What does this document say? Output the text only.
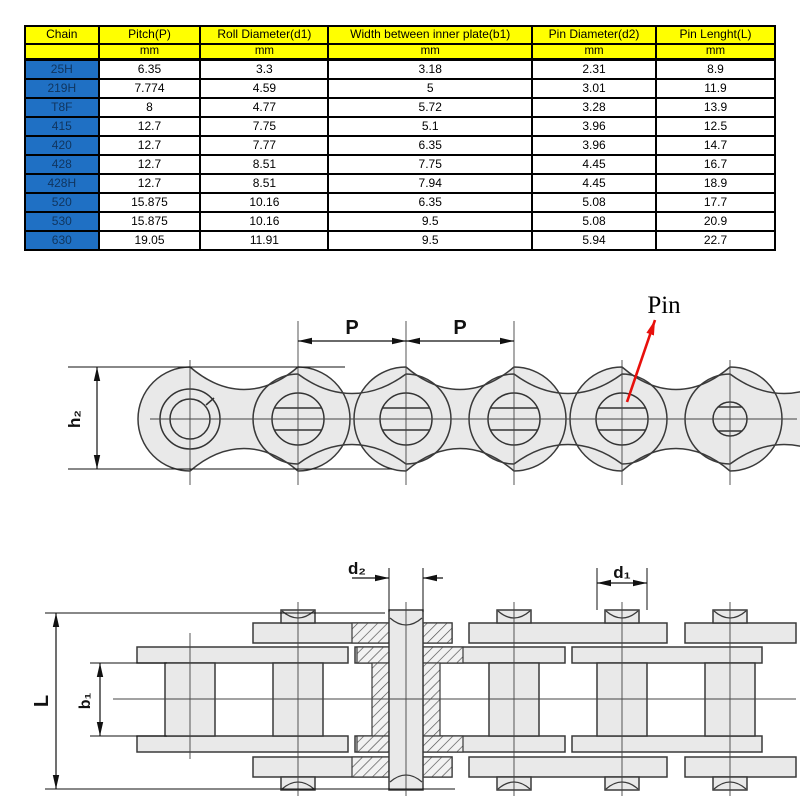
Chain	Pitch(P)	Roll Diameter(d1)	Width between inner plate(b1)	Pin Diameter(d2)	Pin Lenght(L)
	mm	mm	mm	mm	mm
25H	6.35	3.3	3.18	2.31	8.9
219H	7.774	4.59	5	3.01	11.9
T8F	8	4.77	5.72	3.28	13.9
415	12.7	7.75	5.1	3.96	12.5
420	12.7	7.77	6.35	3.96	14.7
428	12.7	8.51	7.75	4.45	16.7
428H	12.7	8.51	7.94	4.45	18.9
520	15.875	10.16	6.35	5.08	17.7
530	15.875	10.16	9.5	5.08	20.9
630	19.05	11.91	9.5	5.94	22.7
P	P
h₂
Pin
L b₁
d₂	d₁
